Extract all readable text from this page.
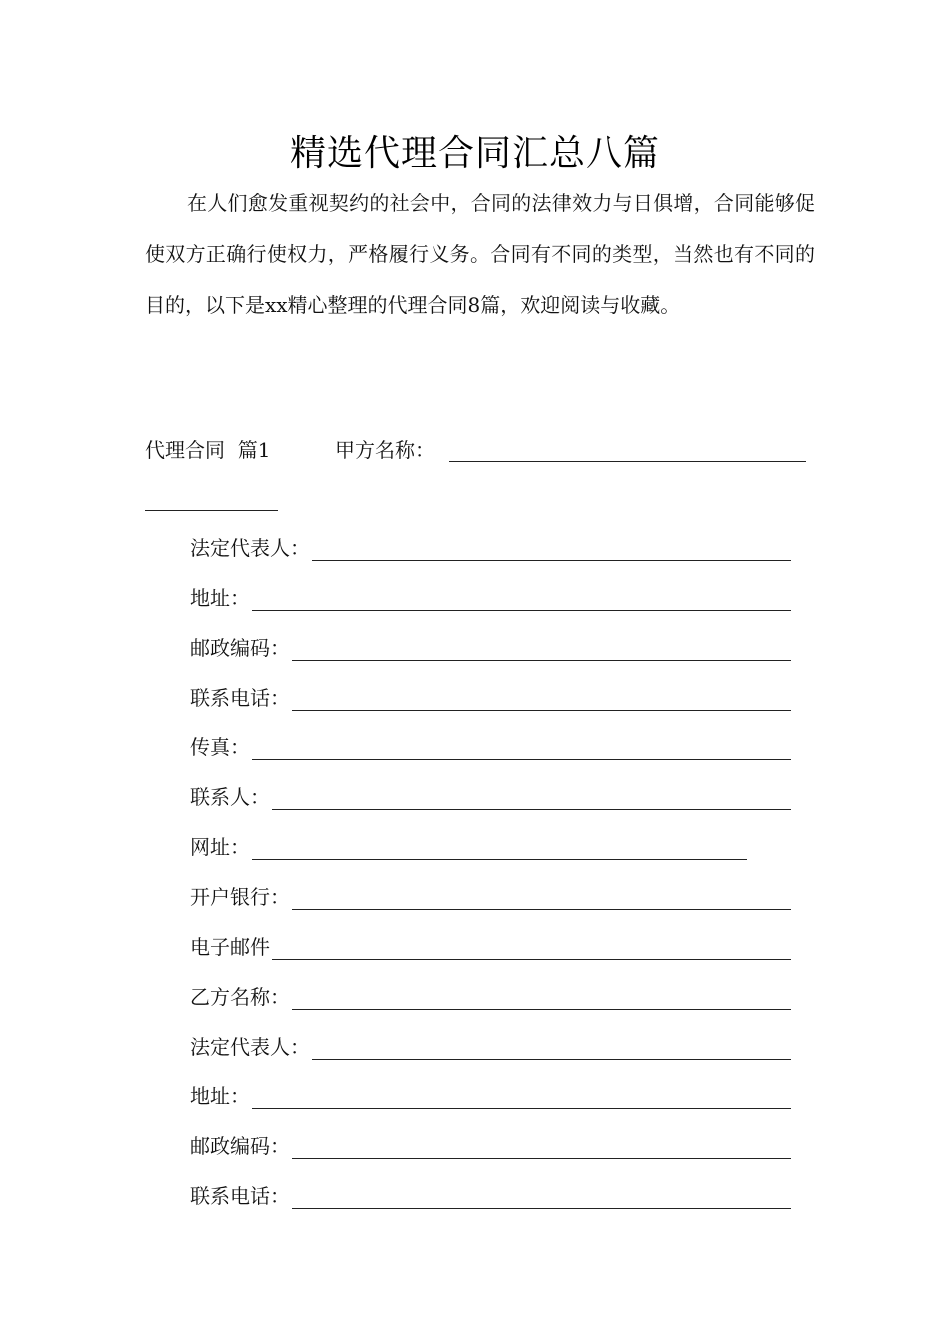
精选代理合同汇总八篇
在人们愈发重视契约的社会中，合同的法律效力与日俱增，合同能够促使双方正确行使权力，严格履行义务。合同有不同的类型，当然也有不同的目的，以下是xx精心整理的代理合同8篇，欢迎阅读与收藏。
代理合同  篇1	甲方名称：
法定代表人：
地址：
邮政编码：
联系电话：
传真：
联系人：
网址：
开户银行：
电子邮件
乙方名称：
法定代表人：
地址：
邮政编码：
联系电话：
